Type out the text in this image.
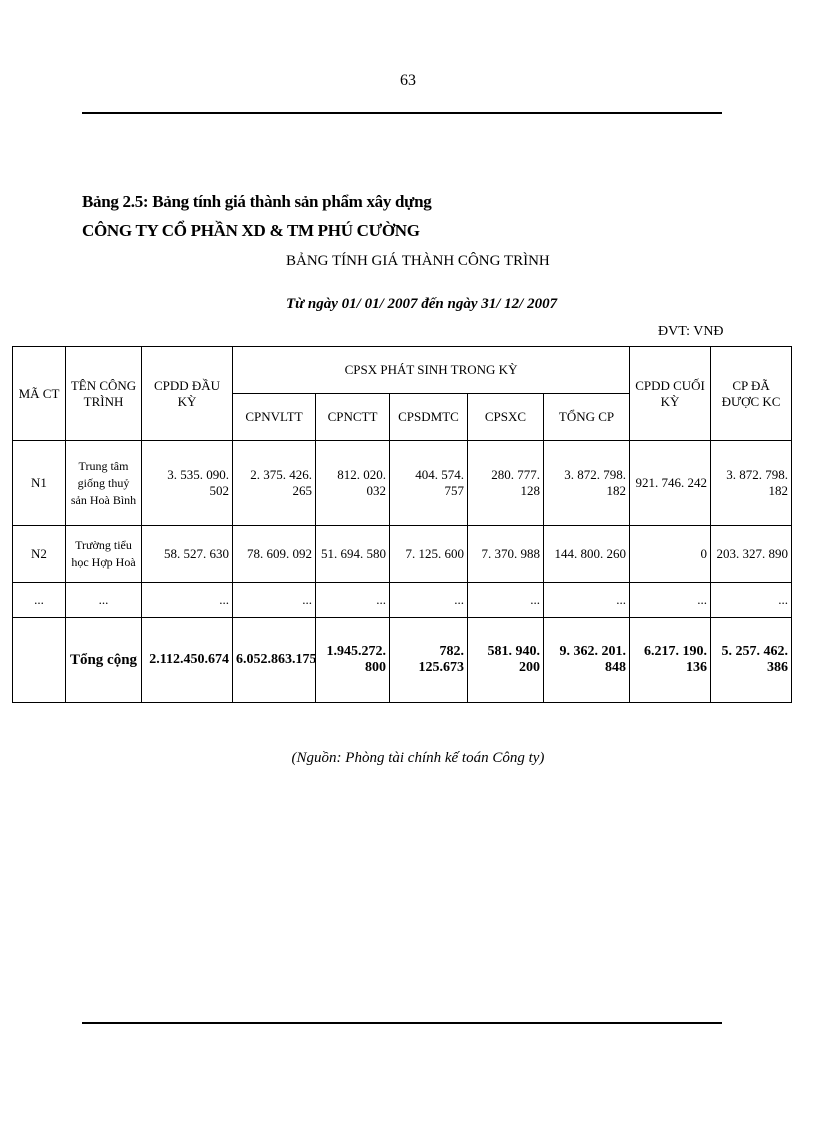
63
Bảng 2.5: Bảng tính giá thành sản phẩm xây dựng
CÔNG TY CỔ PHẦN XD & TM PHÚ CƯỜNG
BẢNG TÍNH GIÁ THÀNH CÔNG TRÌNH
Từ ngày 01/ 01/ 2007 đến ngày 31/ 12/ 2007
ĐVT: VNĐ
MÃ CT	TÊN CÔNG TRÌNH	CPDD ĐẦU KỲ	CPSX PHÁT SINH TRONG KỲ					CPDD CUỐI KỲ	CP ĐÃ ĐƯỢC KC
			CPNVLTT	CPNCTT	CPSDMTC	CPSXC	TỔNG CP		
N1	Trung tâm giống thuỷ sản Hoà Bình	3. 535. 090. 502	2. 375. 426. 265	812. 020. 032	404. 574. 757	280. 777. 128	3. 872. 798. 182	921. 746. 242	3. 872. 798. 182
N2	Trường tiểu học Hợp Hoà	58. 527. 630	78. 609. 092	51. 694. 580	7. 125. 600	7. 370. 988	144. 800. 260	0	203. 327. 890
...	...	...	...	...	...	...	...	...	...
	Tổng cộng	2.112.450.674	6.052.863.175	1.945.272. 800	782. 125.673	581. 940. 200	9. 362. 201. 848	6.217. 190. 136	5. 257. 462. 386
(Nguồn: Phòng tài chính kế toán Công ty)
